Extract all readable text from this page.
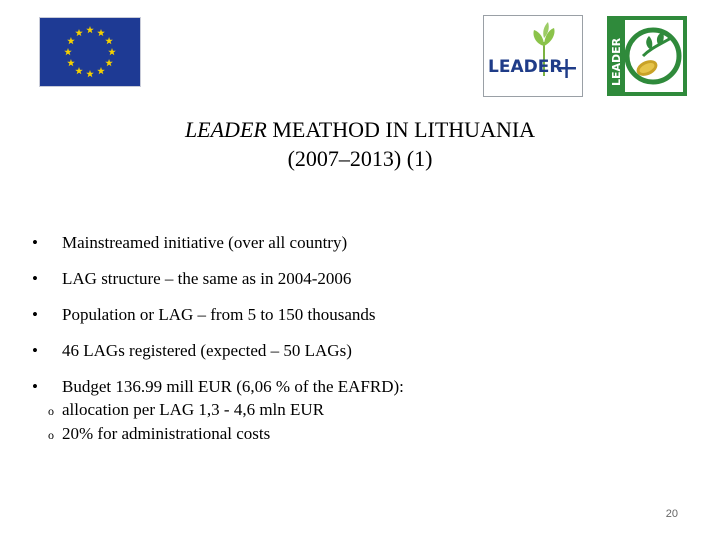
LEADER
+	LEADER
LEADER MEATHOD IN LITHUANIA
(2007–2013) (1)
• Mainstreamed initiative (over all country)
• LAG structure – the same as in 2004-2006
• Population or LAG – from 5 to 150 thousands
• 46 LAGs registered (expected – 50 LAGs)
• Budget 136.99 mill EUR (6,06 % of the EAFRD):
o allocation per LAG 1,3 - 4,6 mln EUR
o 20% for administrational costs
20
